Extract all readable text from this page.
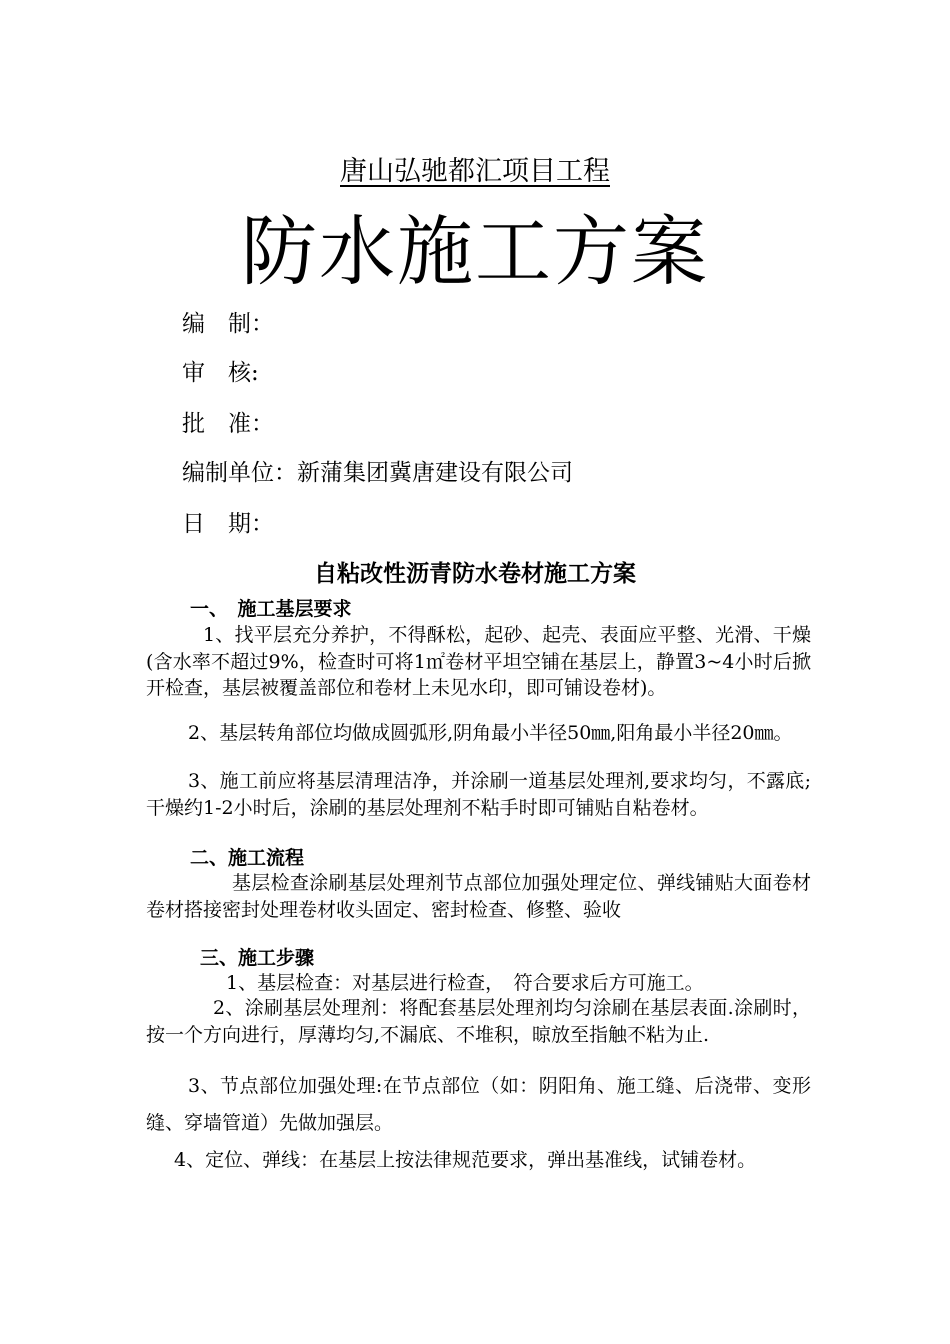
唐山弘驰都汇项目工程
防水施工方案
编　制：
审　核:
批　准：
编制单位：新蒲集团冀唐建设有限公司
日　期：
自粘改性沥青防水卷材施工方案
一、　施工基层要求
1、找平层充分养护，不得酥松，起砂、起壳、表面应平整、光滑、干燥(含水率不超过9%，检查时可将1㎡卷材平坦空铺在基层上，静置3~4小时后掀开检查，基层被覆盖部位和卷材上未见水印，即可铺设卷材)。
2、基层转角部位均做成圆弧形,阴角最小半径50㎜,阳角最小半径20㎜。
3、施工前应将基层清理洁净，并涂刷一道基层处理剂,要求均匀，不露底;干燥约1-2小时后，涂刷的基层处理剂不粘手时即可铺贴自粘卷材。
二、施工流程
基层检查涂刷基层处理剂节点部位加强处理定位、弹线铺贴大面卷材卷材搭接密封处理卷材收头固定、密封检查、修整、验收
三、施工步骤
1、基层检查：对基层进行检查，　符合要求后方可施工。
2、涂刷基层处理剂：将配套基层处理剂均匀涂刷在基层表面.涂刷时，按一个方向进行，厚薄均匀,不漏底、不堆积，晾放至指触不粘为止.
3、节点部位加强处理:在节点部位（如：阴阳角、施工缝、后浇带、变形缝、穿墙管道）先做加强层。
4、定位、弹线：在基层上按法律规范要求，弹出基准线，试铺卷材。
